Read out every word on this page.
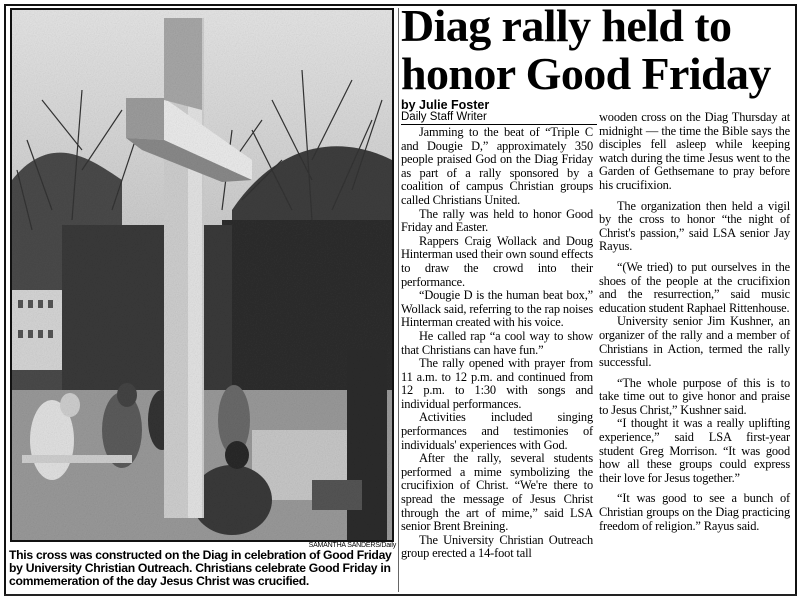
SAMANTHA SANDERS/Daily
This cross was constructed on the Diag in celebration of Good Friday by University Christian Outreach. Christians celebrate Good Friday in commemeration of the day Jesus Christ was crucified.
Diag rally held to
honor Good Friday
by Julie Foster
Daily Staff Writer

Jamming to the beat of “Triple C and Dougie D,” approximately 350 people praised God on the Diag Friday as part of a rally sponsored by a coalition of campus Christian groups called Christians United.

The rally was held to honor Good Friday and Easter.

Rappers Craig Wollack and Doug Hinterman used their own sound effects to draw the crowd into their performance.

“Dougie D is the human beat box,” Wollack said, referring to the rap noises Hinterman created with his voice.

He called rap “a cool way to show that Christians can have fun.”

The rally opened with prayer from 11 a.m. to 12 p.m. and continued from 12 p.m. to 1:30 with songs and individual performances.

Activities included singing performances and testimonies of individuals' experiences with God.

After the rally, several students performed a mime symbolizing the crucifixion of Christ. “We're there to spread the message of Jesus Christ through the art of mime,” said LSA senior Brent Breining.

The University Christian Outreach group erected a 14-foot tall

wooden cross on the Diag Thursday at midnight — the time the Bible says the disciples fell asleep while keeping watch during the time Jesus went to the Garden of Gethsemane to pray before his crucifixion.

The organization then held a vigil by the cross to honor “the night of Christ's passion,” said LSA senior Jay Rayus.

“(We tried) to put ourselves in the shoes of the people at the crucifixion and the resurrection,” said music education student Raphael Rittenhouse.

University senior Jim Kushner, an organizer of the rally and a member of Christians in Action, termed the rally successful.

“The whole purpose of this is to take time out to give honor and praise to Jesus Christ,” Kushner said.

“I thought it was a really uplifting experience,” said LSA first-year student Greg Morrison. “It was good how all these groups could express their love for Jesus together.”

“It was good to see a bunch of Christian groups on the Diag practicing freedom of religion.” Rayus said.
